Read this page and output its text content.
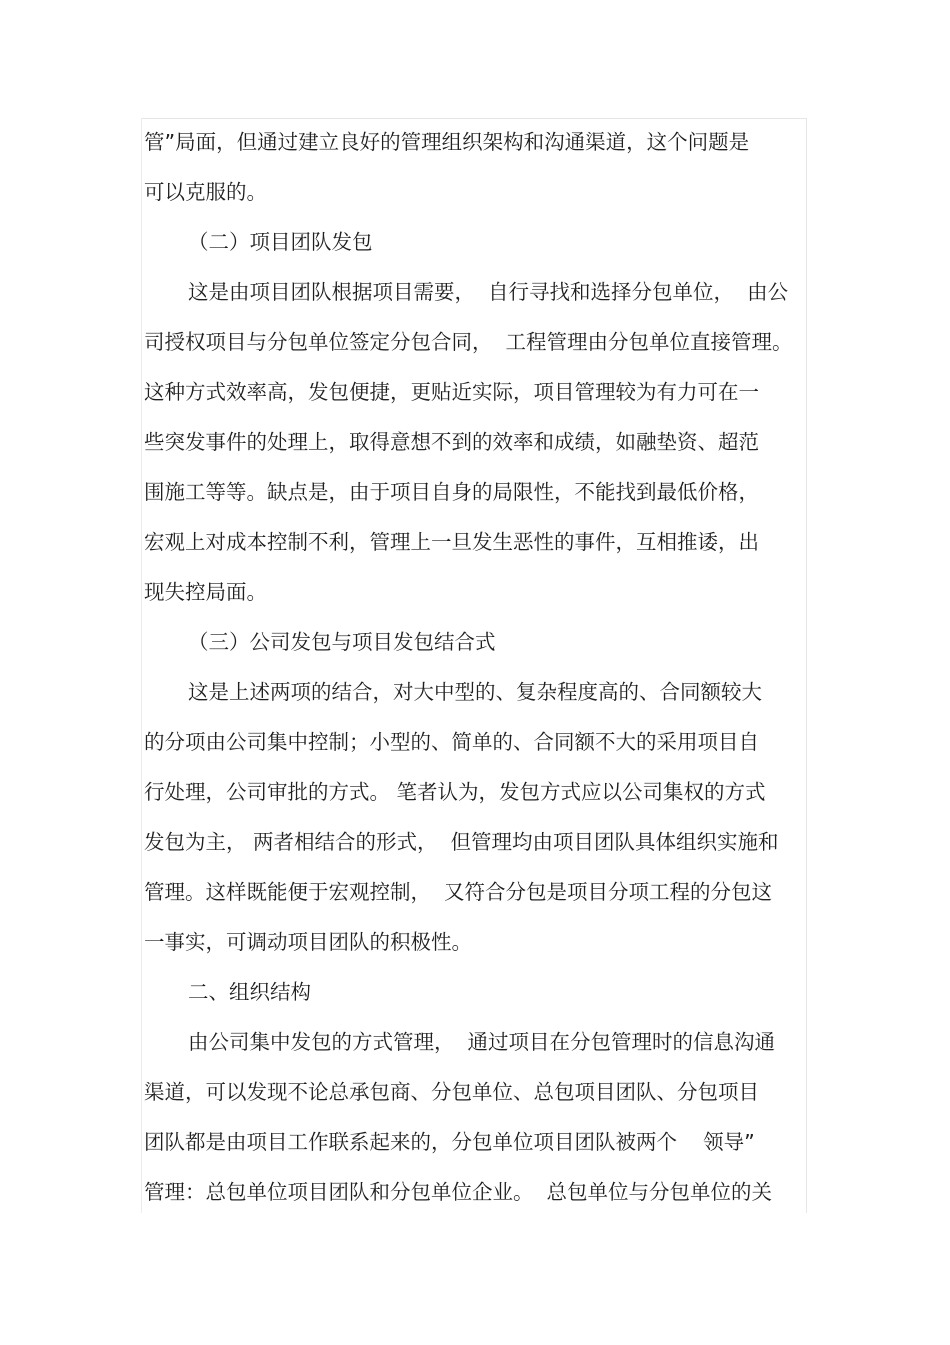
管”局面，但通过建立良好的管理组织架构和沟通渠道，这个问题是
可以克服的。
（二）项目团队发包
这是由项目团队根据项目需要，  自行寻找和选择分包单位，  由公
司授权项目与分包单位签定分包合同，  工程管理由分包单位直接管理。
这种方式效率高，发包便捷，更贴近实际，项目管理较为有力可在一
些突发事件的处理上，取得意想不到的效率和成绩，如融垫资、超范
围施工等等。缺点是，由于项目自身的局限性，不能找到最低价格，
宏观上对成本控制不利，管理上一旦发生恶性的事件，互相推诿，出
现失控局面。
（三）公司发包与项目发包结合式
这是上述两项的结合，对大中型的、复杂程度高的、合同额较大
的分项由公司集中控制；小型的、简单的、合同额不大的采用项目自
行处理，公司审批的方式。 笔者认为，发包方式应以公司集权的方式
发包为主， 两者相结合的形式，  但管理均由项目团队具体组织实施和
管理。这样既能便于宏观控制，  又符合分包是项目分项工程的分包这
一事实，可调动项目团队的积极性。
二、组织结构
由公司集中发包的方式管理，  通过项目在分包管理时的信息沟通
渠道，可以发现不论总承包商、分包单位、总包项目团队、分包项目
团队都是由项目工作联系起来的，分包单位项目团队被两个    领导”
管理：总包单位项目团队和分包单位企业。  总包单位与分包单位的关
